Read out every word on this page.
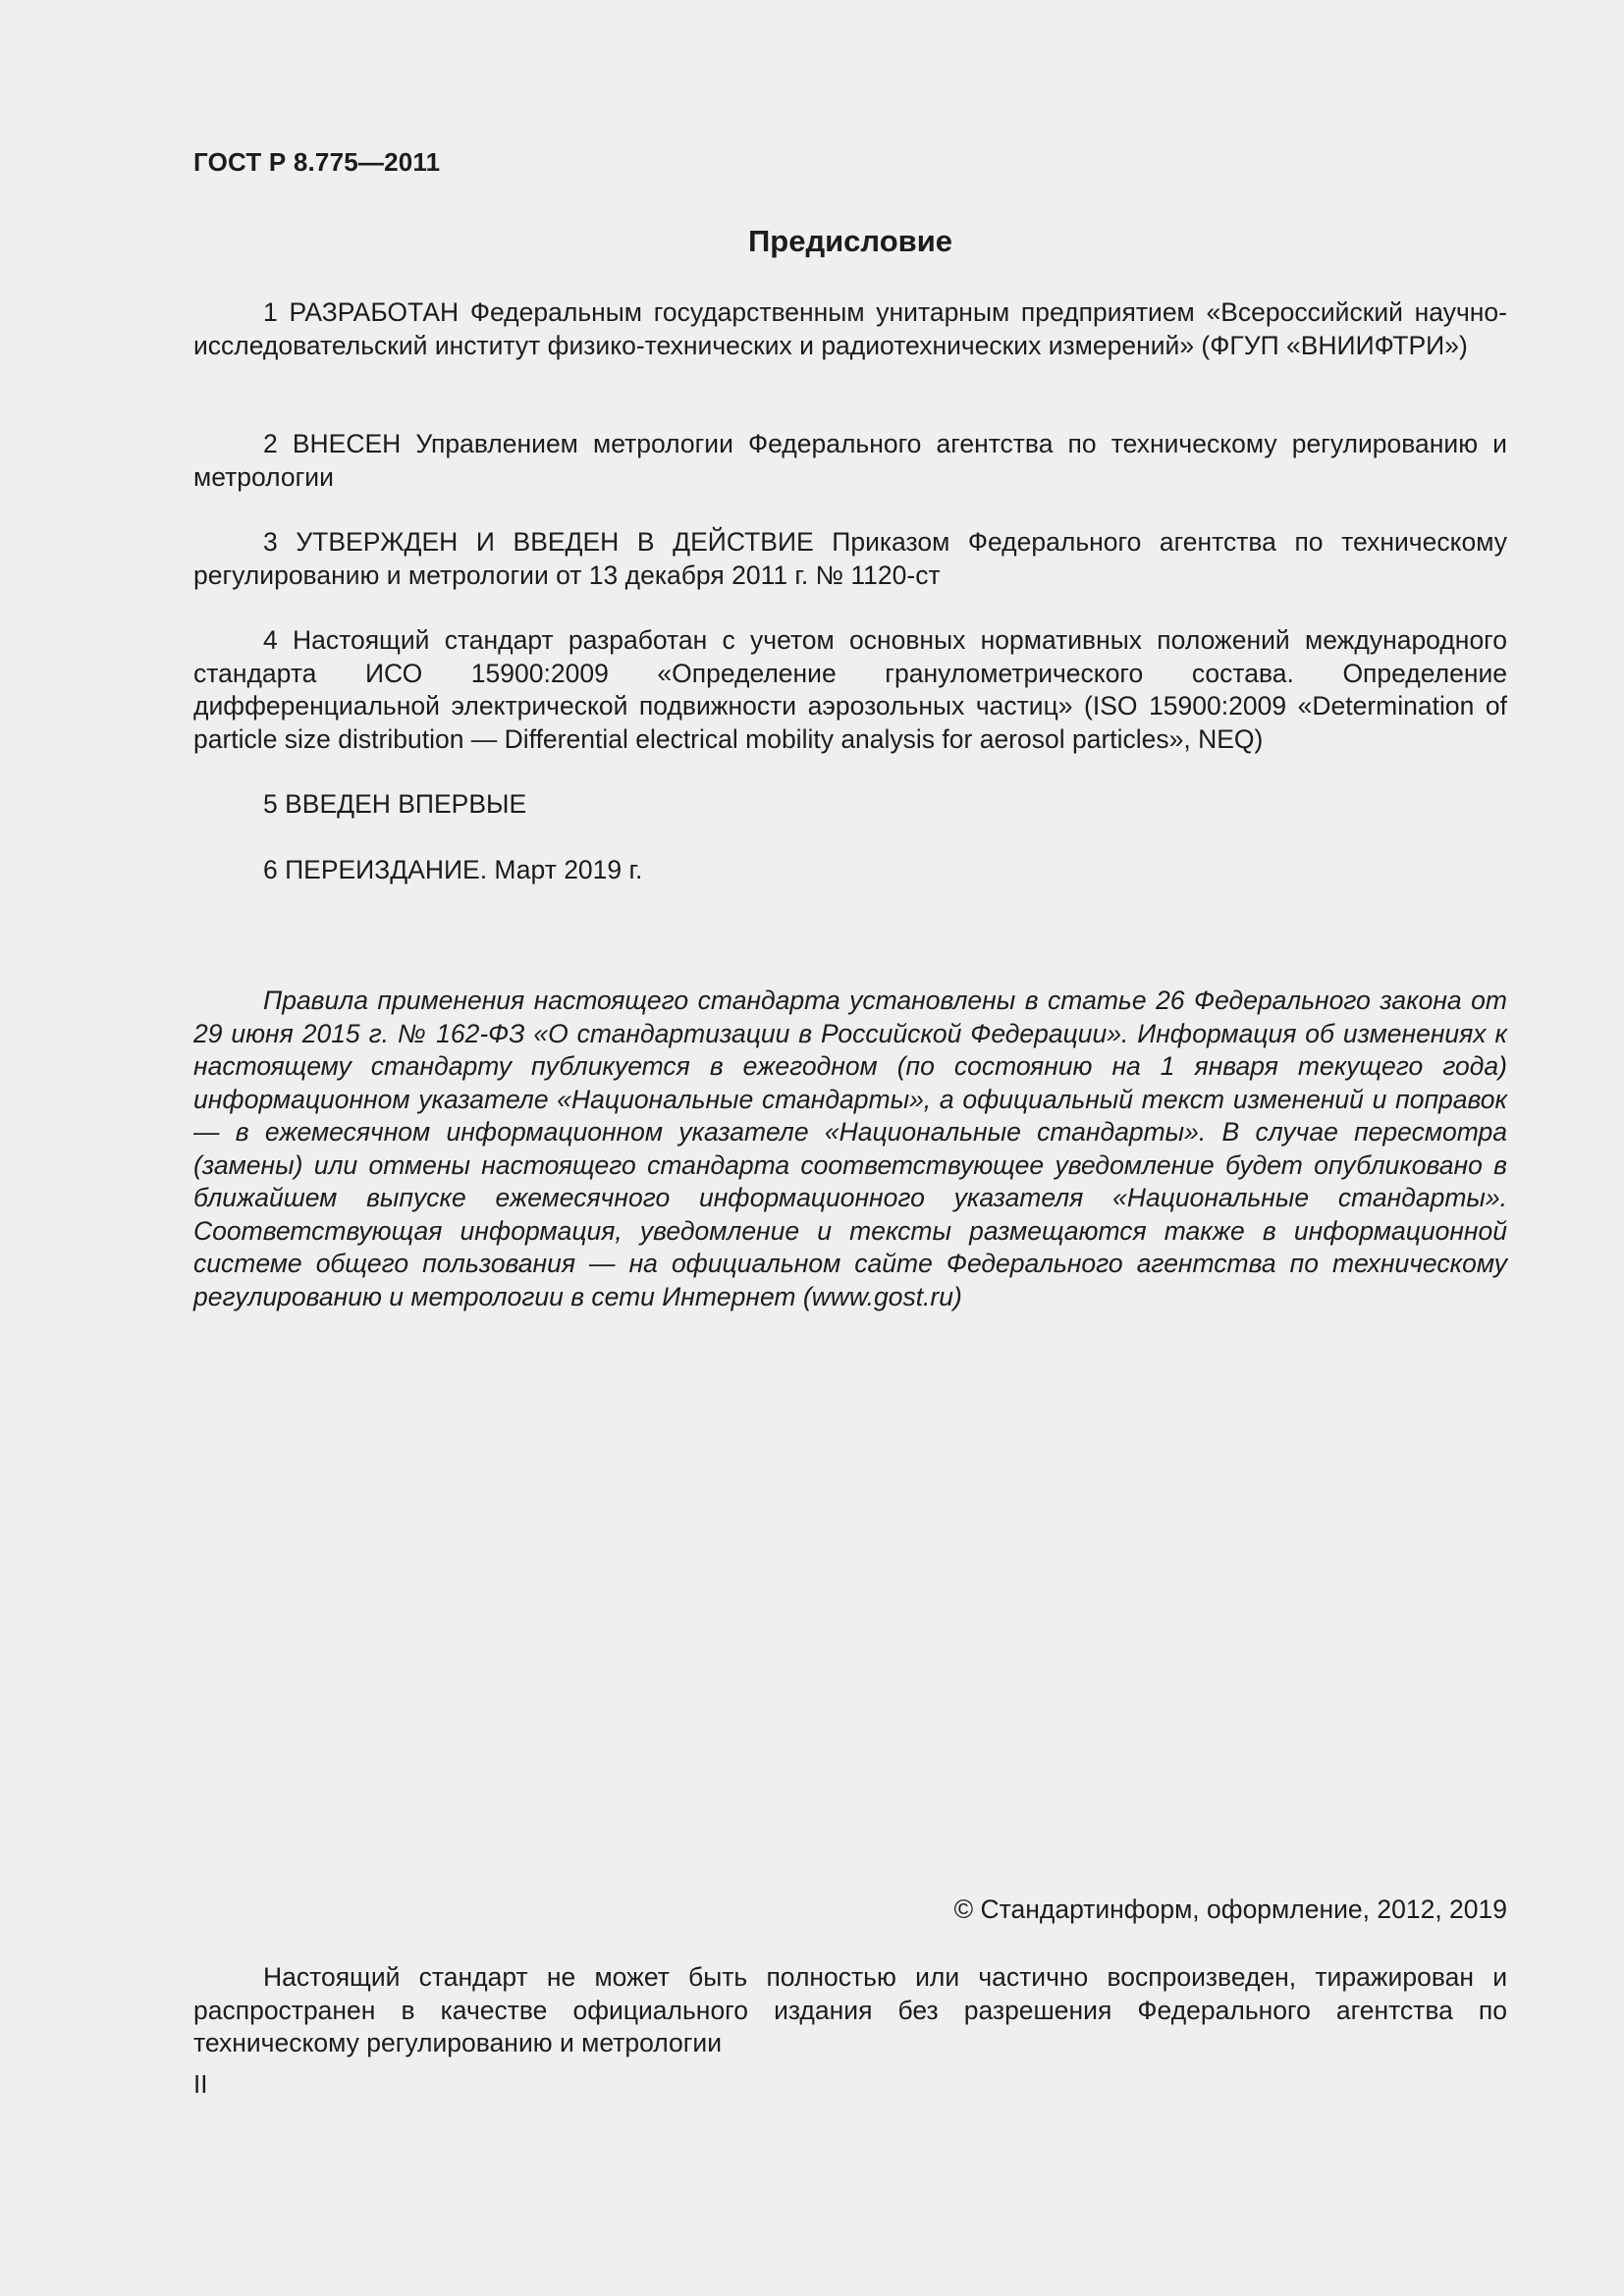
ГОСТ Р 8.775—2011
Предисловие

1 РАЗРАБОТАН Федеральным государственным унитарным предприятием «Всероссийский научно-исследовательский институт физико-технических и радиотехнических измерений» (ФГУП «ВНИИФТРИ»)

2 ВНЕСЕН Управлением метрологии Федерального агентства по техническому регулированию и метрологии

3 УТВЕРЖДЕН И ВВЕДЕН В ДЕЙСТВИЕ Приказом Федерального агентства по техническому регулированию и метрологии от 13 декабря 2011 г. № 1120-ст

4 Настоящий стандарт разработан с учетом основных нормативных положений международного стандарта ИСО 15900:2009 «Определение гранулометрического состава. Определение дифференциальной электрической подвижности аэрозольных частиц» (ISO 15900:2009 «Determination of particle size distribution — Differential electrical mobility analysis for aerosol particles», NEQ)

5 ВВЕДЕН ВПЕРВЫЕ

6 ПЕРЕИЗДАНИЕ. Март 2019 г.

Правила применения настоящего стандарта установлены в статье 26 Федерального закона от 29 июня 2015 г. № 162-ФЗ «О стандартизации в Российской Федерации». Информация об изменениях к настоящему стандарту публикуется в ежегодном (по состоянию на 1 января текущего года) информационном указателе «Национальные стандарты», а официальный текст изменений и поправок — в ежемесячном информационном указателе «Национальные стандарты». В случае пересмотра (замены) или отмены настоящего стандарта соответствующее уведомление будет опубликовано в ближайшем выпуске ежемесячного информационного указателя «Национальные стандарты». Соответствующая информация, уведомление и тексты размещаются также в информационной системе общего пользования — на официальном сайте Федерального агентства по техническому регулированию и метрологии в сети Интернет (www.gost.ru)

© Стандартинформ, оформление, 2012, 2019

Настоящий стандарт не может быть полностью или частично воспроизведен, тиражирован и распространен в качестве официального издания без разрешения Федерального агентства по техническому регулированию и метрологии

II
